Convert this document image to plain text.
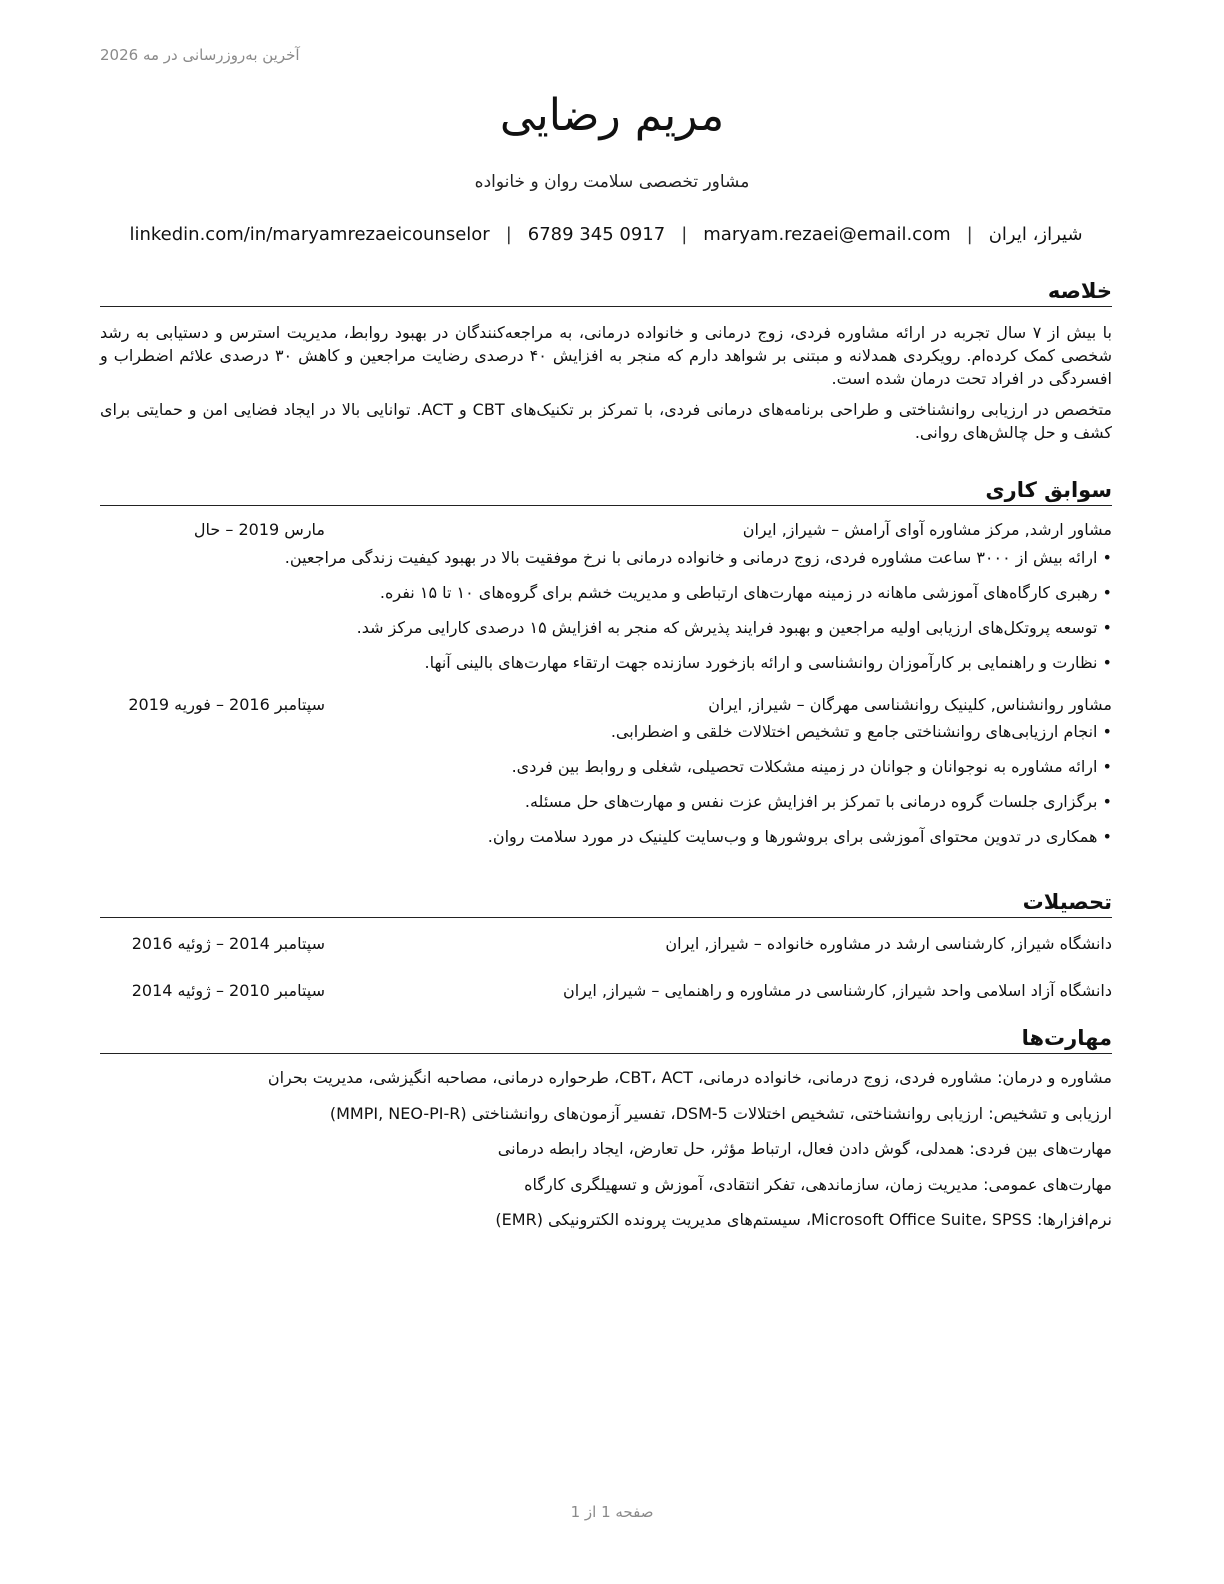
آخرین به‌روزرسانی در مه 2026
مریم رضایی
مشاور تخصصی سلامت روان و خانواده
شیراز، ایران
|
maryam.rezaei@email.com
|
6789 345 0917
|
linkedin.com/in/maryamrezaeicounselor
خلاصه

با بیش از ۷ سال تجربه در ارائه مشاوره فردی، زوج درمانی و خانواده درمانی، به مراجعه‌کنندگان در بهبود روابط، مدیریت استرس و دستیابی به رشد شخصی کمک کرده‌ام. رویکردی همدلانه و مبتنی بر شواهد دارم که منجر به افزایش ۴۰ درصدی رضایت مراجعین و کاهش ۳۰ درصدی علائم اضطراب و افسردگی در افراد تحت درمان شده است.

متخصص در ارزیابی روانشناختی و طراحی برنامه‌های درمانی فردی، با تمرکز بر تکنیک‌های CBT و ACT. توانایی بالا در ایجاد فضایی امن و حمایتی برای کشف و حل چالش‌های روانی.

سوابق کاری
مشاور ارشد, مرکز مشاوره آوای آرامش – شیراز, ایران
مارس 2019 – حال
• ارائه بیش از ۳۰۰۰ ساعت مشاوره فردی، زوج درمانی و خانواده درمانی با نرخ موفقیت بالا در بهبود کیفیت زندگی مراجعین.
• رهبری کارگاه‌های آموزشی ماهانه در زمینه مهارت‌های ارتباطی و مدیریت خشم برای گروه‌های ۱۰ تا ۱۵ نفره.
• توسعه پروتکل‌های ارزیابی اولیه مراجعین و بهبود فرایند پذیرش که منجر به افزایش ۱۵ درصدی کارایی مرکز شد.
• نظارت و راهنمایی بر کارآموزان روانشناسی و ارائه بازخورد سازنده جهت ارتقاء مهارت‌های بالینی آنها.
مشاور روانشناس, کلینیک روانشناسی مهرگان – شیراز, ایران
سپتامبر 2016 – فوریه 2019
• انجام ارزیابی‌های روانشناختی جامع و تشخیص اختلالات خلقی و اضطرابی.
• ارائه مشاوره به نوجوانان و جوانان در زمینه مشکلات تحصیلی، شغلی و روابط بین فردی.
• برگزاری جلسات گروه درمانی با تمرکز بر افزایش عزت نفس و مهارت‌های حل مسئله.
• همکاری در تدوین محتوای آموزشی برای بروشورها و وب‌سایت کلینیک در مورد سلامت روان.
تحصیلات
دانشگاه شیراز, کارشناسی ارشد در مشاوره خانواده – شیراز, ایران
سپتامبر 2014 – ژوئیه 2016
دانشگاه آزاد اسلامی واحد شیراز, کارشناسی در مشاوره و راهنمایی – شیراز, ایران
سپتامبر 2010 – ژوئیه 2014
مهارت‌ها
مشاوره و درمان: مشاوره فردی، زوج درمانی، خانواده درمانی، CBT، ACT، طرحواره درمانی، مصاحبه انگیزشی، مدیریت بحران
ارزیابی و تشخیص: ارزیابی روانشناختی، تشخیص اختلالات DSM-5، تفسیر آزمون‌های روانشناختی (MMPI, NEO-PI-R)
مهارت‌های بین فردی: همدلی، گوش دادن فعال، ارتباط مؤثر، حل تعارض، ایجاد رابطه درمانی
مهارت‌های عمومی: مدیریت زمان، سازماندهی، تفکر انتقادی، آموزش و تسهیلگری کارگاه
نرم‌افزارها: Microsoft Office Suite، SPSS، سیستم‌های مدیریت پرونده الکترونیکی (EMR)
صفحه 1 از 1
